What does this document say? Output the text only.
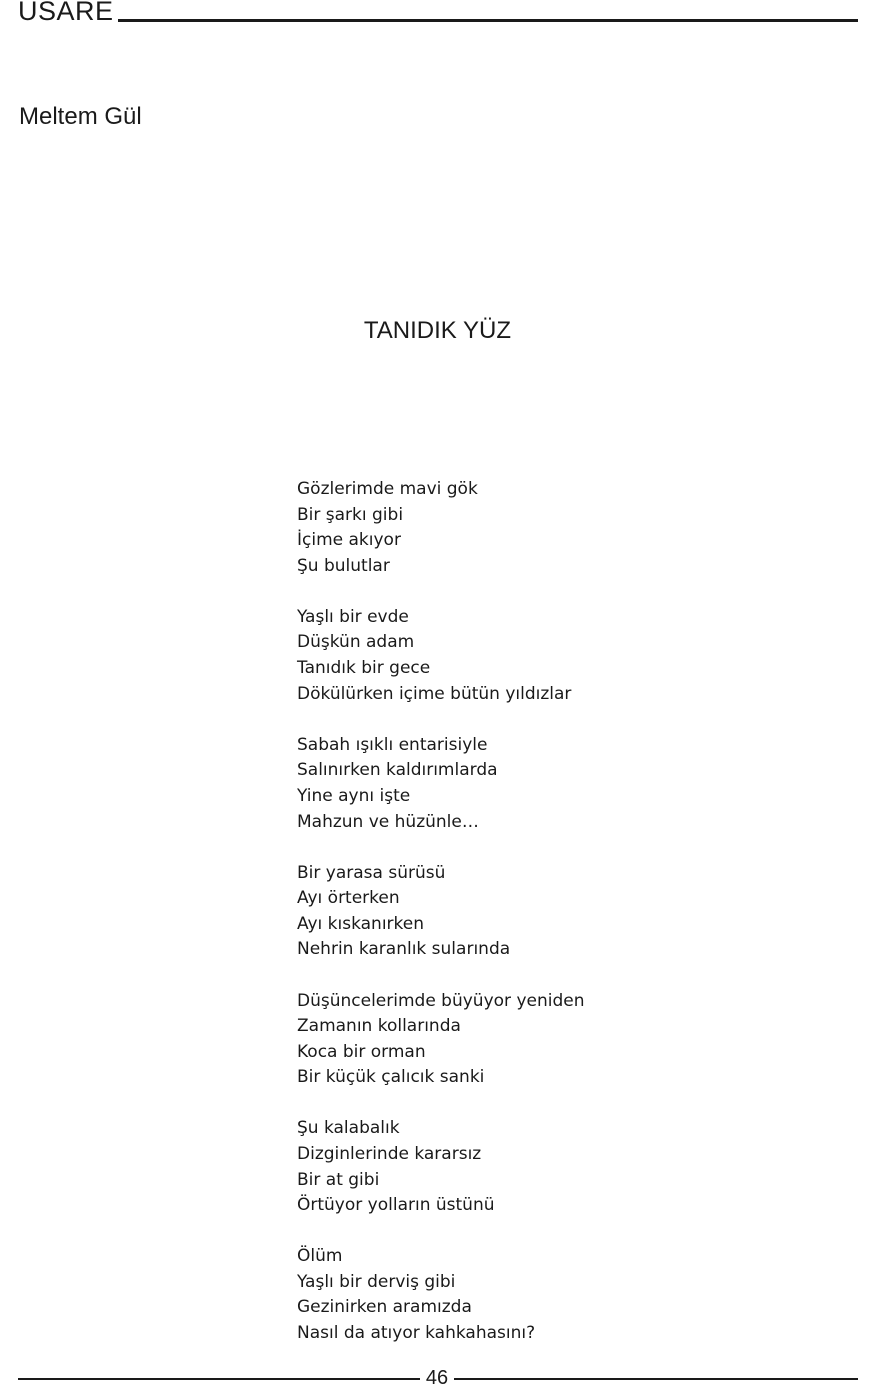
USARE
Meltem Gül
TANIDIK YÜZ
Gözlerimde mavi gök
Bir şarkı gibi
İçime akıyor
Şu bulutlar
Yaşlı bir evde
Düşkün adam
Tanıdık bir gece
Dökülürken içime bütün yıldızlar
Sabah ışıklı entarisiyle
Salınırken kaldırımlarda
Yine aynı işte
Mahzun ve hüzünle…
Bir yarasa sürüsü
Ayı örterken
Ayı kıskanırken
Nehrin karanlık sularında
Düşüncelerimde büyüyor yeniden
Zamanın kollarında
Koca bir orman
Bir küçük çalıcık sanki
Şu kalabalık
Dizginlerinde kararsız
Bir at gibi
Örtüyor yolların üstünü
Ölüm
Yaşlı bir derviş gibi
Gezinirken aramızda
Nasıl da atıyor kahkahasını?
46
